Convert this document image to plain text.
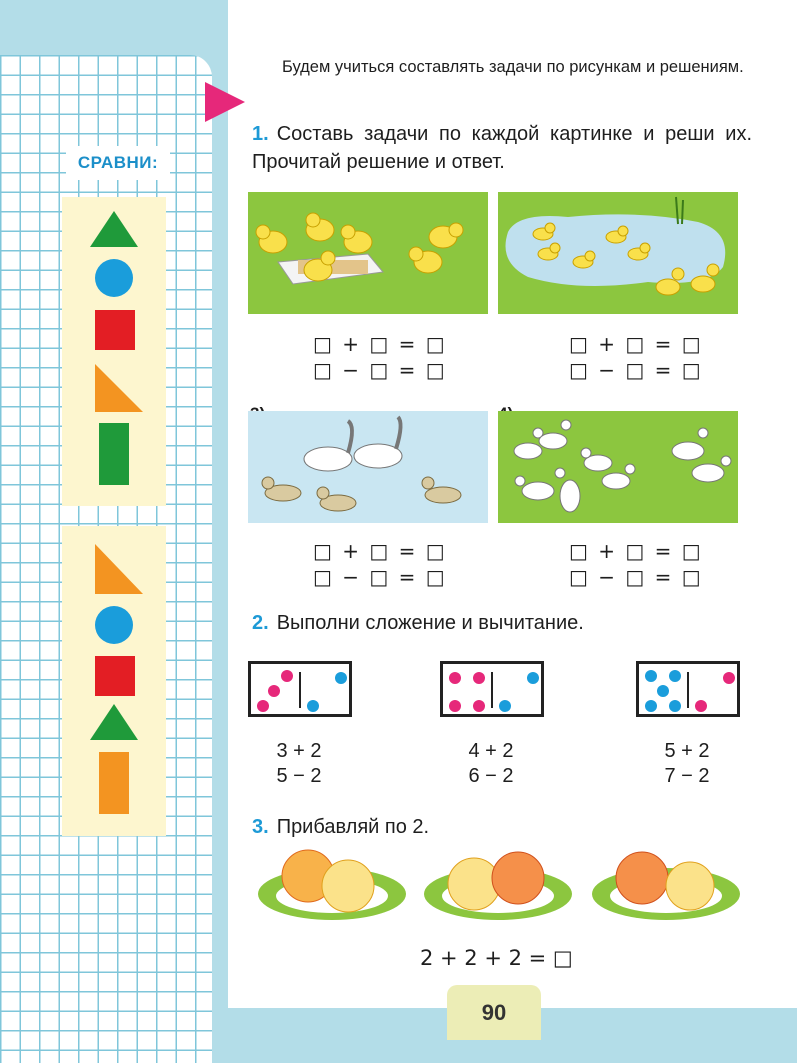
СРАВНИ:
Будем учиться составлять задачи по рисункам и решениям.
1. Составь задачи по каждой картинке и реши их. Прочитай решение и ответ.
□ + □ = □
□ − □ = □
□ + □ = □
□ − □ = □
□ + □ = □
□ − □ = □
□ + □ = □
□ − □ = □
2. Выполни сложение и вычитание.
3 + 2
5 − 2
4 + 2
6 − 2
5 + 2
7 − 2
3. Прибавляй по 2.
2 + 2 + 2 = □
90
